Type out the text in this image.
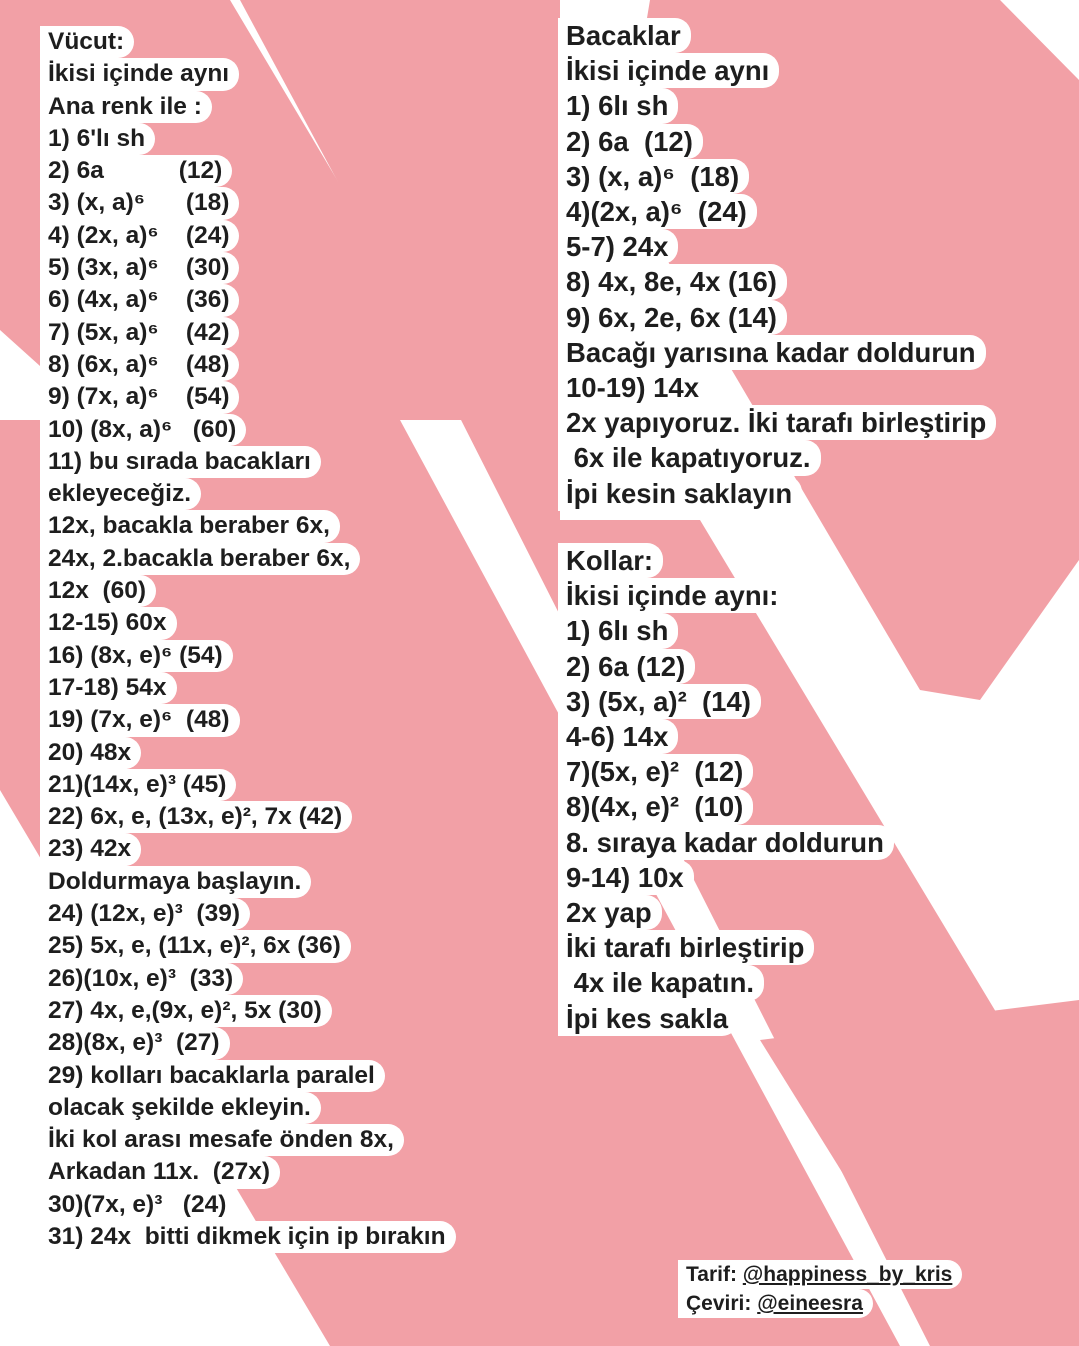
Vücut:
İkisi içinde aynı
Ana renk ile :
1) 6'lı sh
2) 6a           (12)
3) (x, a)⁶      (18)
4) (2x, a)⁶    (24)
5) (3x, a)⁶    (30)
6) (4x, a)⁶    (36)
7) (5x, a)⁶    (42)
8) (6x, a)⁶    (48)
9) (7x, a)⁶    (54)
10) (8x, a)⁶   (60)
11) bu sırada bacakları
ekleyeceğiz.
12x, bacakla beraber 6x,
24x, 2.bacakla beraber 6x,
12x  (60)
12-15) 60x
16) (8x, e)⁶ (54)
17-18) 54x
19) (7x, e)⁶  (48)
20) 48x
21)(14x, e)³ (45)
22) 6x, e, (13x, e)², 7x (42)
23) 42x
Doldurmaya başlayın.
24) (12x, e)³  (39)
25) 5x, e, (11x, e)², 6x (36)
26)(10x, e)³  (33)
27) 4x, e,(9x, e)², 5x (30)
28)(8x, e)³  (27)
29) kolları bacaklarla paralel
olacak şekilde ekleyin.
İki kol arası mesafe önden 8x,
Arkadan 11x.  (27x)
30)(7x, e)³   (24)
31) 24x  bitti dikmek için ip bırakın
Bacaklar
İkisi içinde aynı
1) 6lı sh
2) 6a  (12)
3) (x, a)⁶  (18)
4)(2x, a)⁶  (24)
5-7) 24x
8) 4x, 8e, 4x (16)
9) 6x, 2e, 6x (14)
Bacağı yarısına kadar doldurun
10-19) 14x
2x yapıyoruz. İki tarafı birleştirip
6x ile kapatıyoruz.
İpi kesin saklayın
Kollar:
İkisi içinde aynı:
1) 6lı sh
2) 6a (12)
3) (5x, a)²  (14)
4-6) 14x
7)(5x, e)²  (12)
8)(4x, e)²  (10)
8. sıraya kadar doldurun
9-14) 10x
2x yap
İki tarafı birleştirip
4x ile kapatın.
İpi kes sakla
Tarif: @happiness_by_kris
Çeviri: @eineesra
